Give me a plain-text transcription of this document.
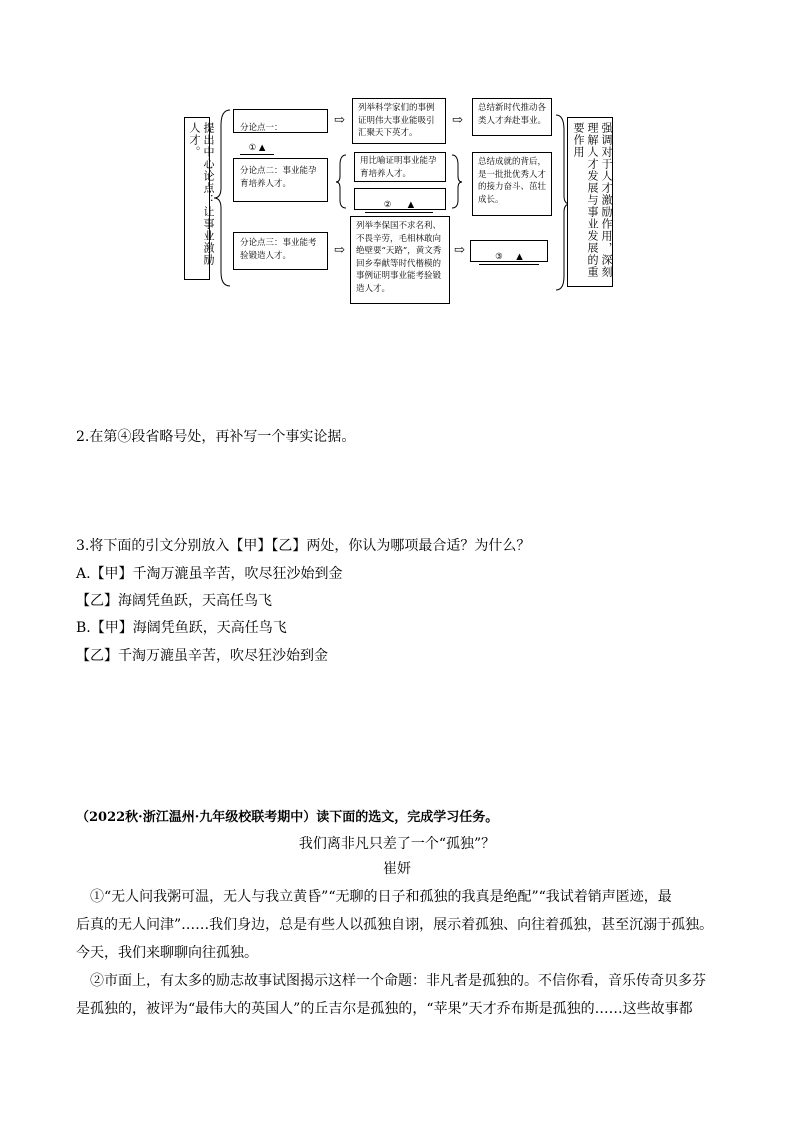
提出中心论点：让事业激励人才。	分论点一： ① ▲
⇨
列举科学家们的事例证明伟大事业能吸引汇聚天下英才。
⇨
总结新时代推动各类人才奔赴事业。
分论点二：事业能孕育培养人才。
用比喻证明事业能孕育培养人才。
② ▲
总结成就的背后，是一批批优秀人才的接力奋斗、茁壮成长。
分论点三：事业能考验锻造人才。	⇨
列举李保国不求名利、不畏辛劳，毛相林敢向绝壁要“天路”，黄文秀回乡奉献等时代楷模的事例证明事业能考验锻造人才。
⇨	③ ▲	强调对于人才激励作用，深刻理解人才发展与事业发展的重要作用
2.在第④段省略号处，再补写一个事实论据。
3.将下面的引文分别放入【甲】【乙】两处，你认为哪项最合适？为什么？
A.【甲】千淘万漉虽辛苦，吹尽狂沙始到金
【乙】海阔凭鱼跃，天高任鸟飞
B.【甲】海阔凭鱼跃，天高任鸟飞
【乙】千淘万漉虽辛苦，吹尽狂沙始到金
（2022秋·浙江温州·九年级校联考期中）读下面的选文，完成学习任务。
我们离非凡只差了一个“孤独”？
崔妍
①“无人问我粥可温，无人与我立黄昏”“无聊的日子和孤独的我真是绝配”“我试着销声匿迹，最
后真的无人问津”……我们身边，总是有些人以孤独自诩，展示着孤独、向往着孤独，甚至沉溺于孤独。
今天，我们来聊聊向往孤独。
②市面上，有太多的励志故事试图揭示这样一个命题：非凡者是孤独的。不信你看，音乐传奇贝多芬
是孤独的，被评为“最伟大的英国人”的丘吉尔是孤独的，“苹果”天才乔布斯是孤独的……这些故事都
